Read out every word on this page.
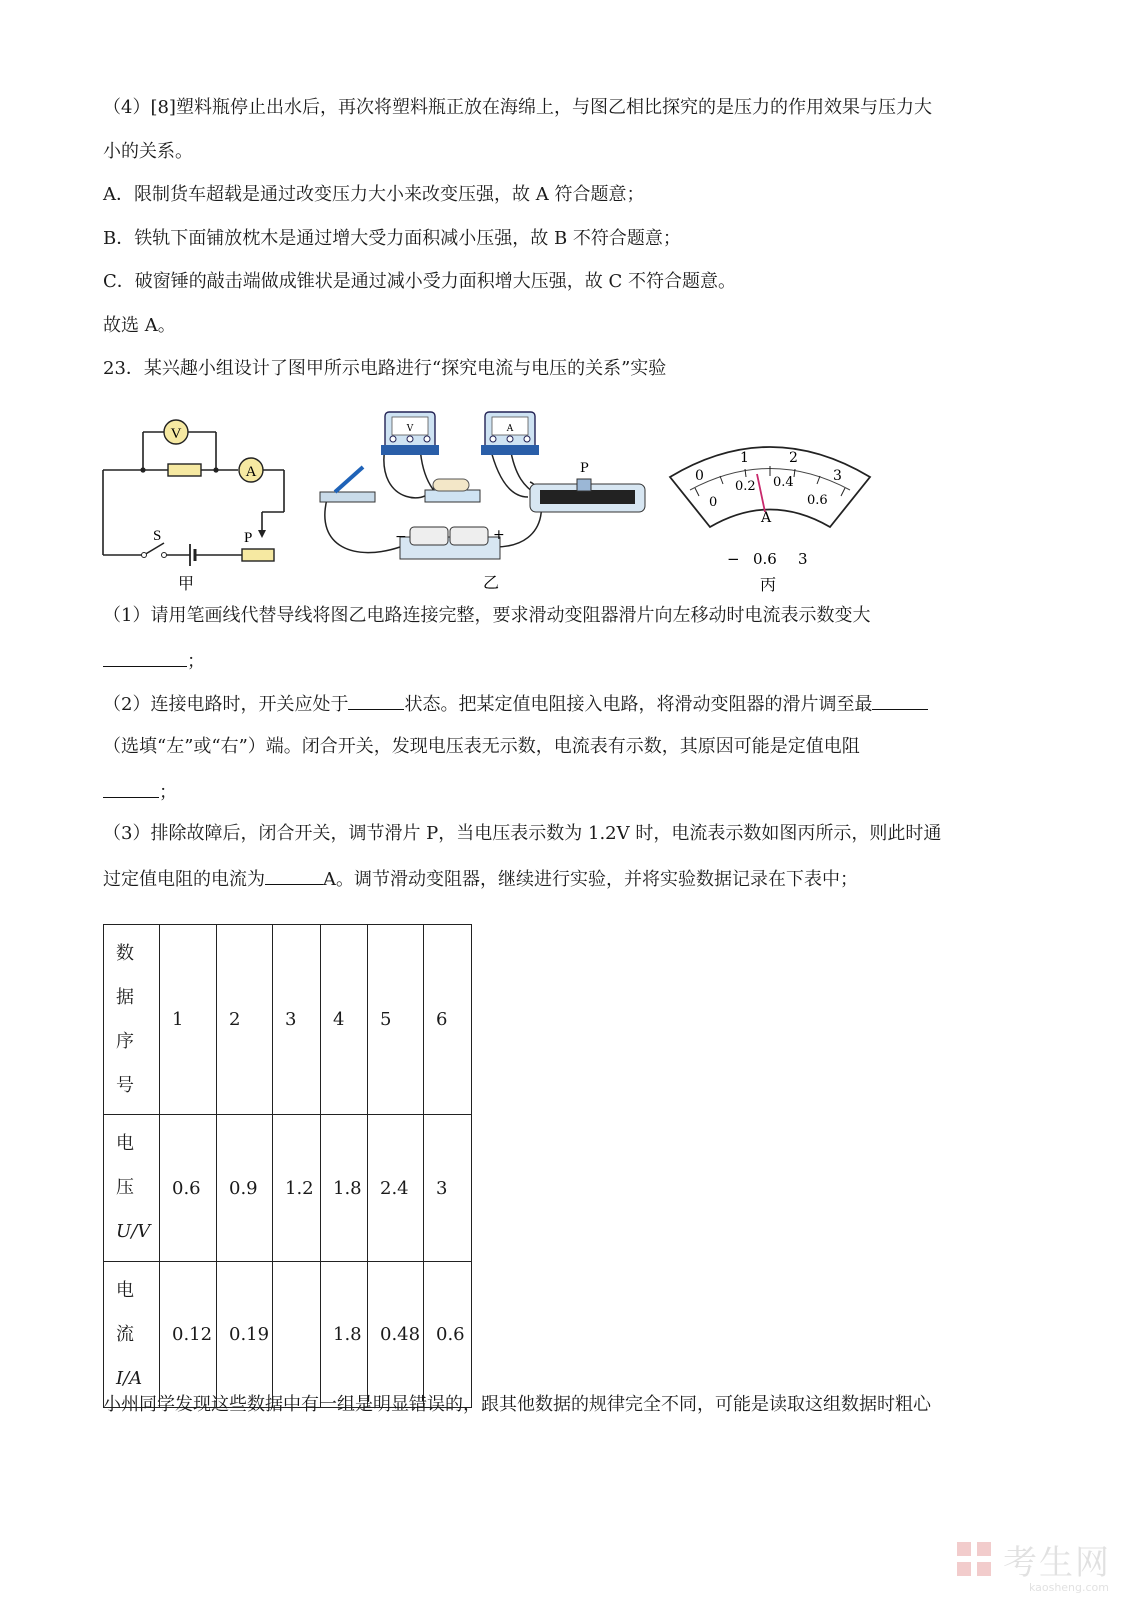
（4）[8]塑料瓶停止出水后，再次将塑料瓶正放在海绵上，与图乙相比探究的是压力的作用效果与压力大
小的关系。
A．限制货车超载是通过改变压力大小来改变压强，故 A 符合题意；
B．铁轨下面铺放枕木是通过增大受力面积减小压强，故 B 不符合题意；
C．破窗锤的敲击端做成锥状是通过减小受力面积增大压强，故 C 不符合题意。
故选 A。
23．某兴趣小组设计了图甲所示电路进行“探究电流与电压的关系”实验
V
A
S	P
甲
V	A
−	+
P
乙
0
1	2
3
0
0.2 0.4
0.6
A
− 0.6 3
丙
（1）请用笔画线代替导线将图乙电路连接完整，要求滑动变阻器滑片向左移动时电流表示数变大
；
（2）连接电路时，开关应处于	状态。把某定值电阻接入电路，将滑动变阻器的滑片调至最
（选填“左”或“右”）端。闭合开关，发现电压表无示数，电流表有示数，其原因可能是定值电阻
；
（3）排除故障后，闭合开关，调节滑片 P，当电压表示数为 1.2V 时，电流表示数如图丙所示，则此时通
过定值电阻的电流为	A。调节滑动变阻器，继续进行实验，并将实验数据记录在下表中；
数
据
序
号	1	2	3	4	5	6
电
压
U/V	0.6	0.9	1.2	1.8	2.4	3
电
流
I/A	0.12	0.19		1.8	0.48	0.6
小州同学发现这些数据中有一组是明显错误的，跟其他数据的规律完全不同，可能是读取这组数据时粗心
考生网
kaosheng.com
